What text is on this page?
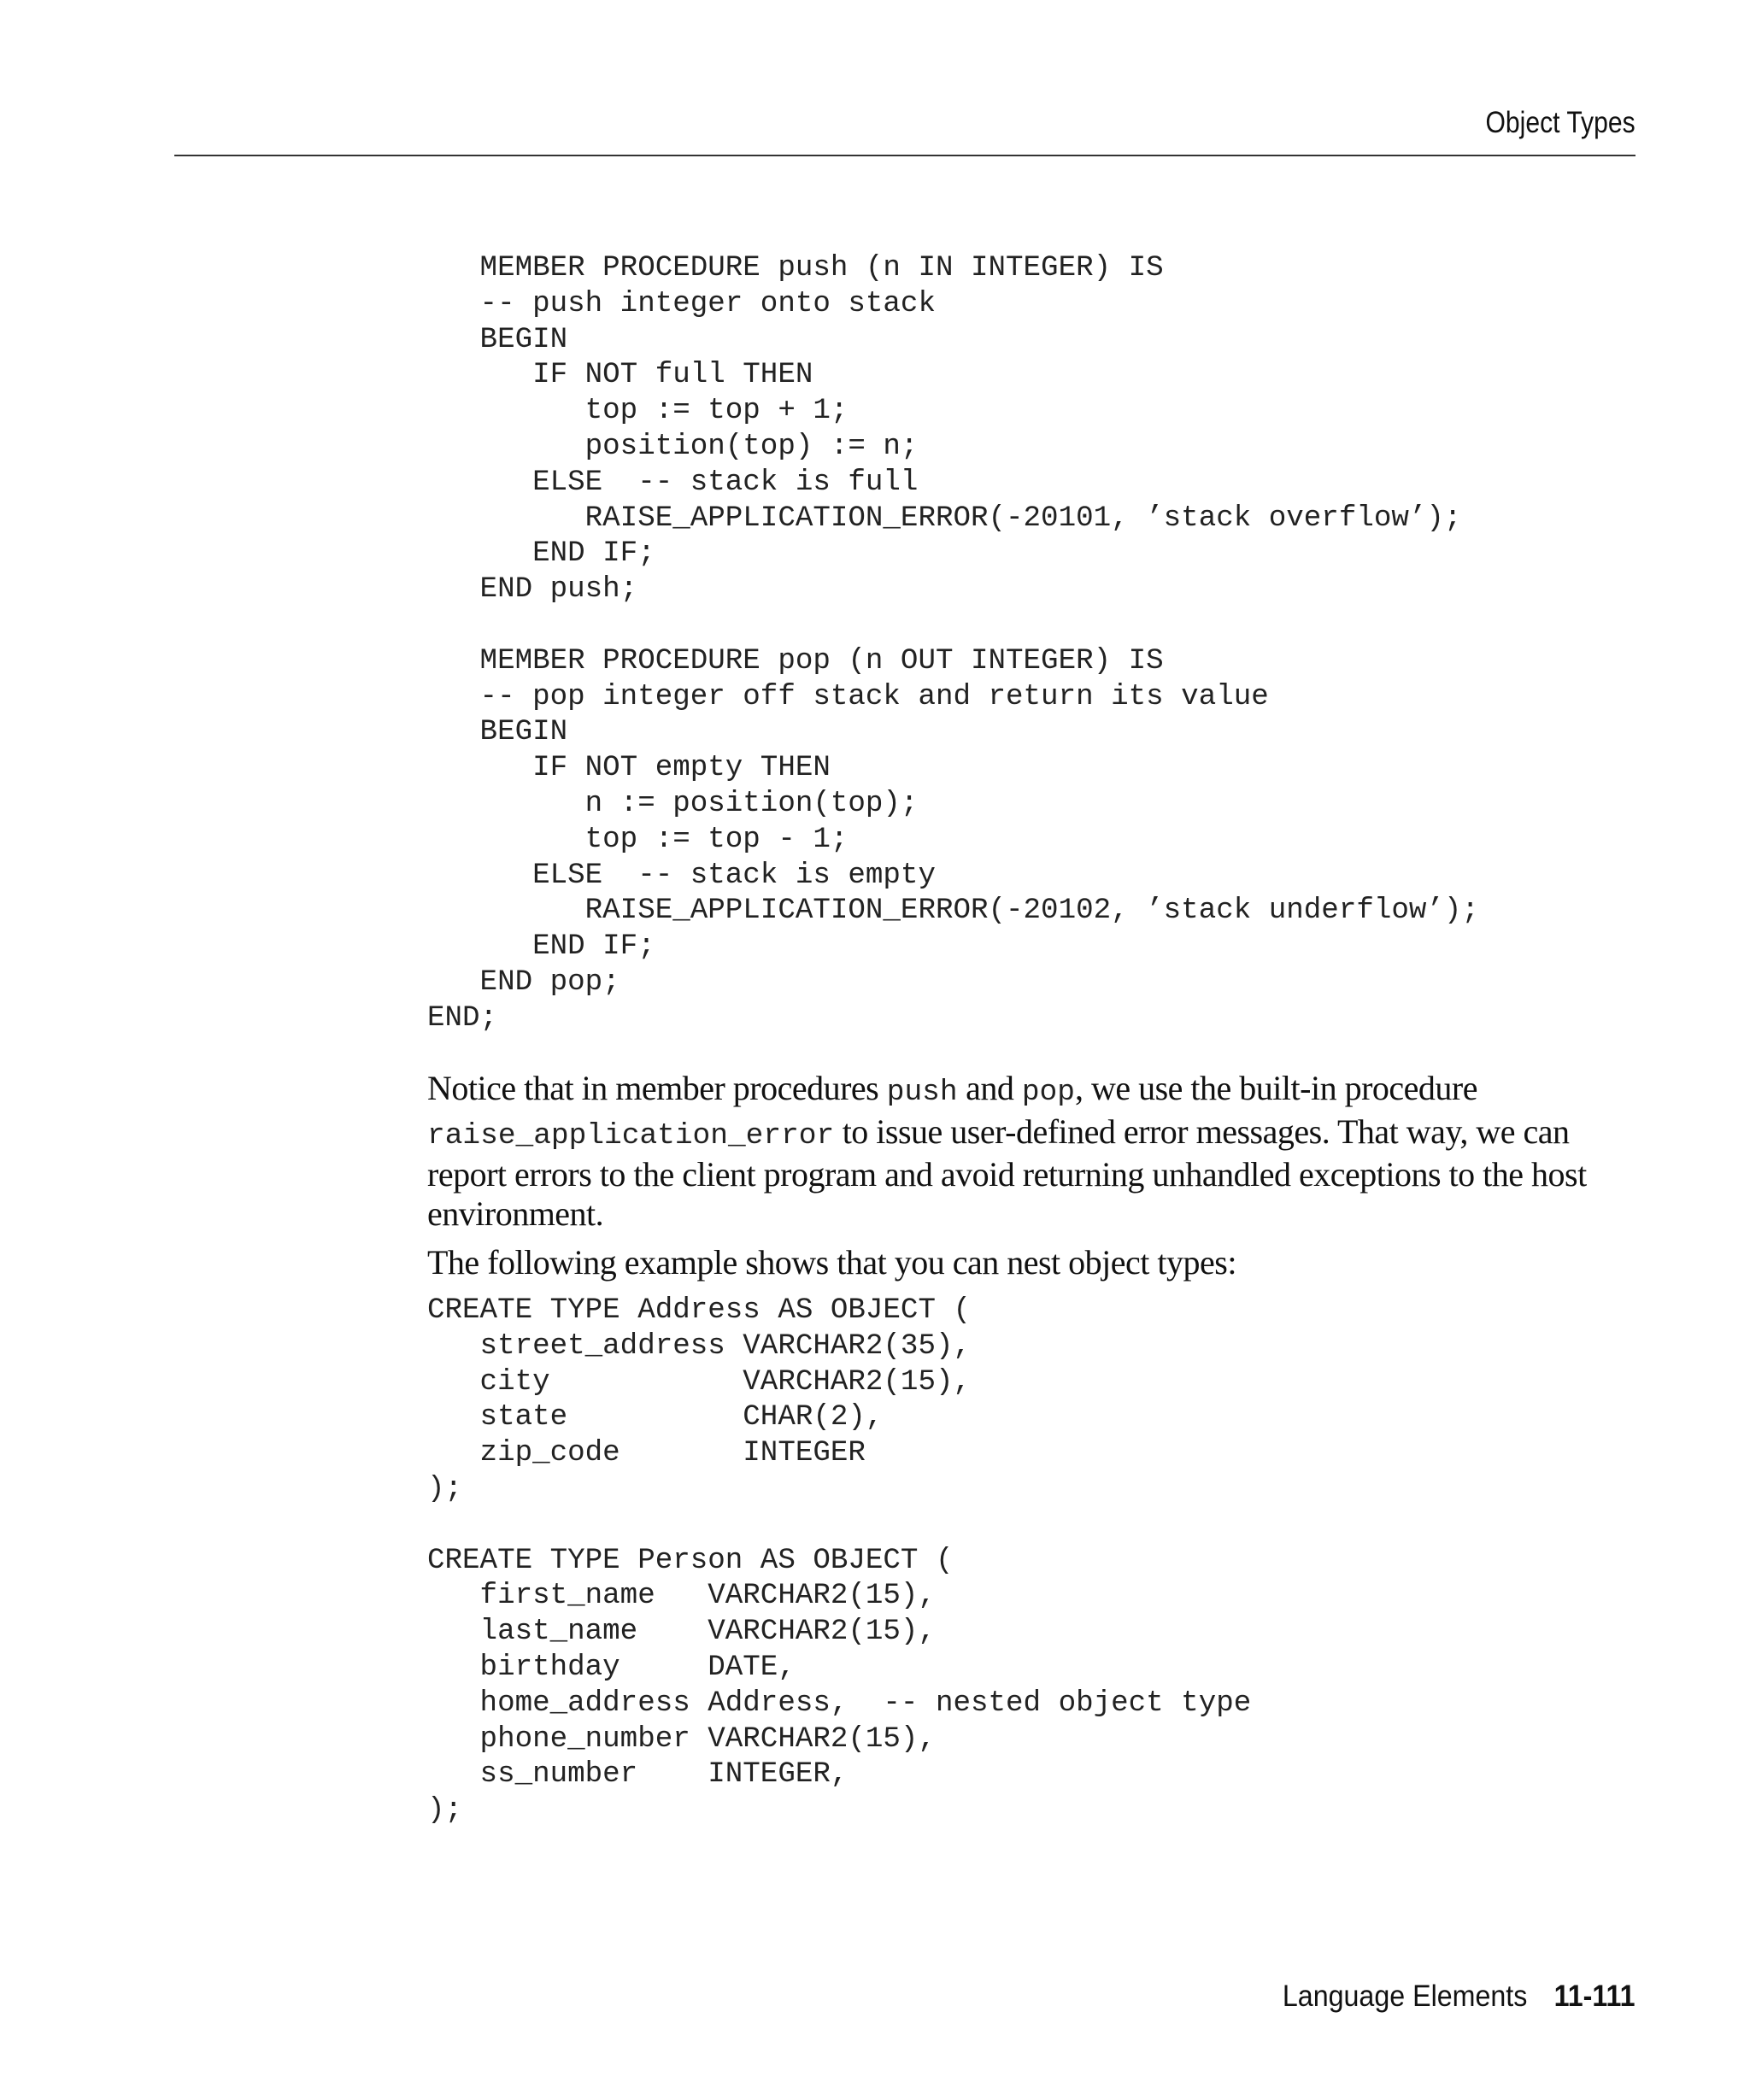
Object Types
MEMBER PROCEDURE push (n IN INTEGER) IS
-- push integer onto stack
BEGIN
IF NOT full THEN
top := top + 1;
position(top) := n;
ELSE  -- stack is full
RAISE_APPLICATION_ERROR(-20101, ’stack overflow’);
END IF;
END push;

MEMBER PROCEDURE pop (n OUT INTEGER) IS
-- pop integer off stack and return its value
BEGIN
IF NOT empty THEN
n := position(top);
top := top - 1;
ELSE  -- stack is empty
RAISE_APPLICATION_ERROR(-20102, ’stack underflow’);
END IF;
END pop;
END;

Notice that in member procedures push and pop, we use the built-in procedure raise_application_error to issue user-defined error messages. That way, we can report errors to the client program and avoid returning unhandled exceptions to the host environment.

The following example shows that you can nest object types:

CREATE TYPE Address AS OBJECT (
street_address VARCHAR2(35),
city           VARCHAR2(15),
state          CHAR(2),
zip_code       INTEGER
);

CREATE TYPE Person AS OBJECT (
first_name   VARCHAR2(15),
last_name    VARCHAR2(15),
birthday     DATE,
home_address Address,  -- nested object type
phone_number VARCHAR2(15),
ss_number    INTEGER,
);
Language Elements 11-111
